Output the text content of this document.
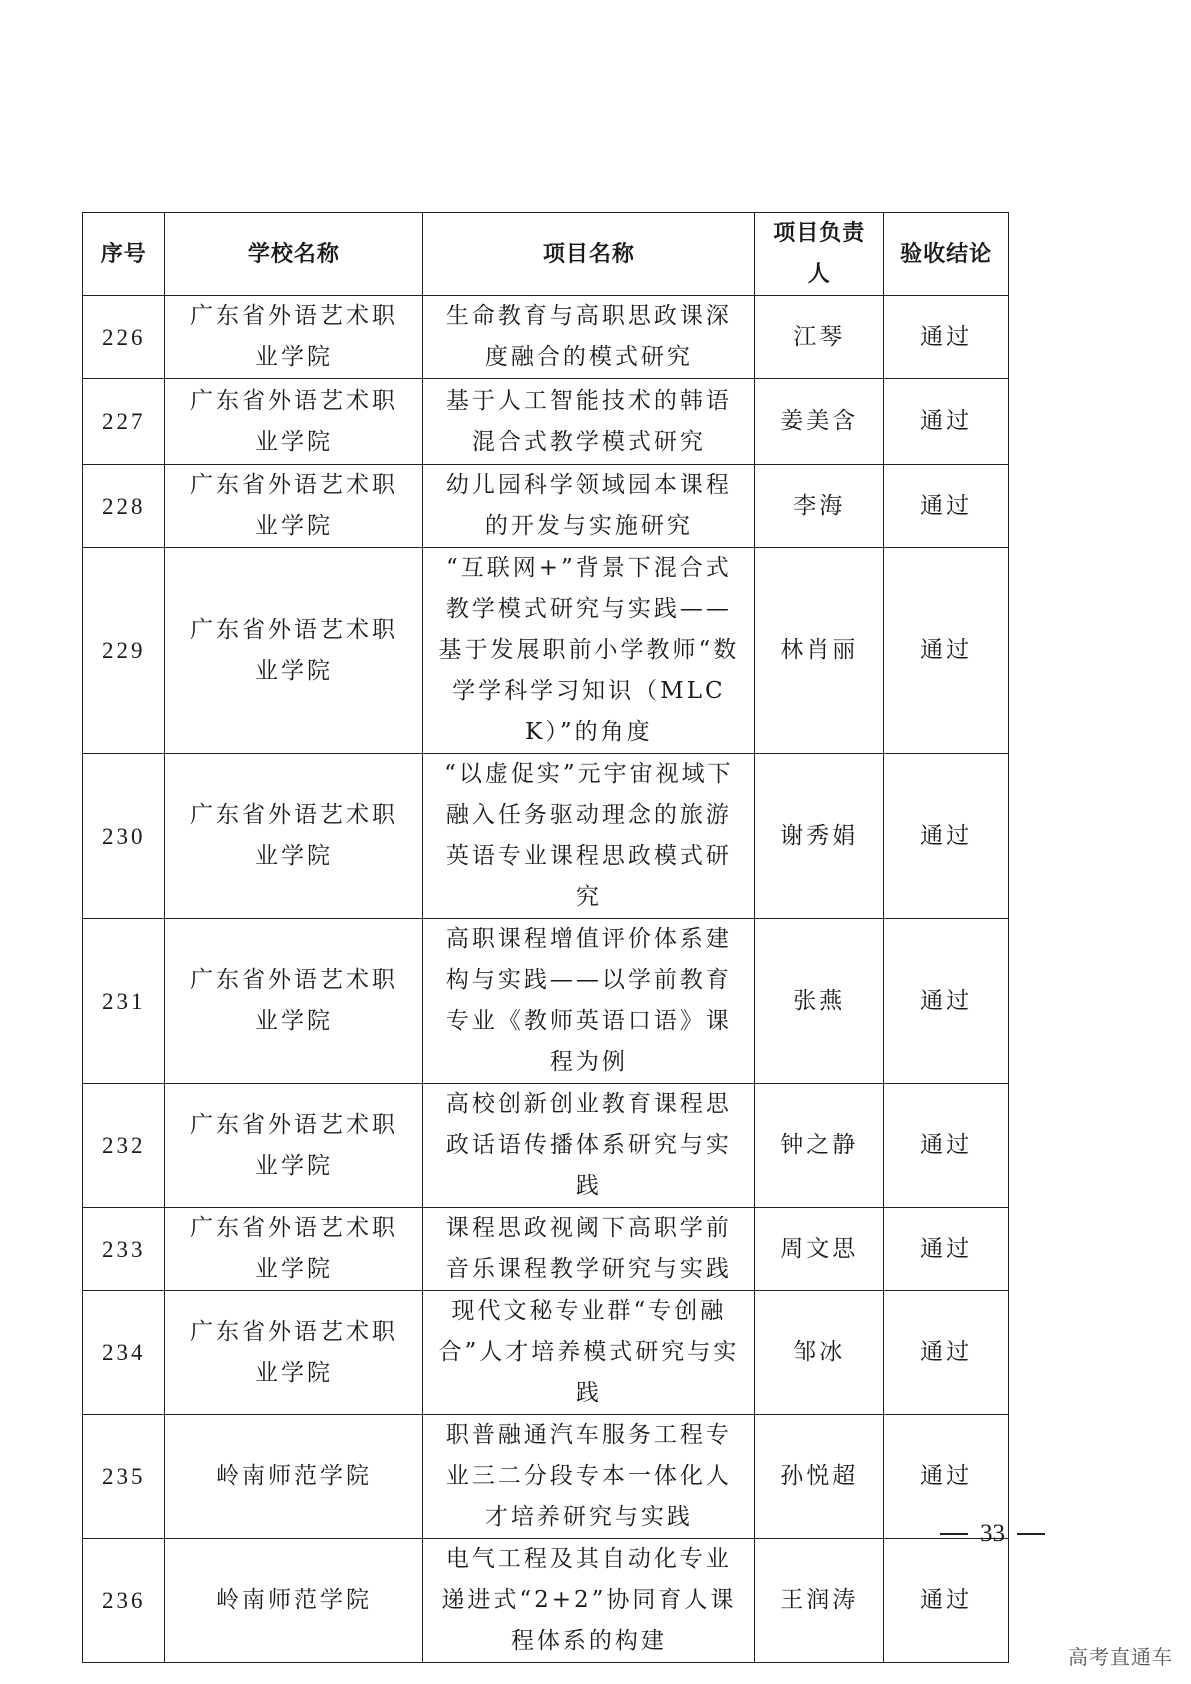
序号	学校名称	项目名称	项目负责人	验收结论
226	广东省外语艺术职业学院	生命教育与高职思政课深度融合的模式研究	江琴	通过
227	广东省外语艺术职业学院	基于人工智能技术的韩语混合式教学模式研究	姜美含	通过
228	广东省外语艺术职业学院	幼儿园科学领域园本课程的开发与实施研究	李海	通过
229	广东省外语艺术职业学院	“互联网+”背景下混合式教学模式研究与实践——基于发展职前小学教师“数学学科学习知识（MLCK）”的角度	林肖丽	通过
230	广东省外语艺术职业学院	“以虚促实”元宇宙视域下融入任务驱动理念的旅游英语专业课程思政模式研究	谢秀娟	通过
231	广东省外语艺术职业学院	高职课程增值评价体系建构与实践——以学前教育专业《教师英语口语》课程为例	张燕	通过
232	广东省外语艺术职业学院	高校创新创业教育课程思政话语传播体系研究与实践	钟之静	通过
233	广东省外语艺术职业学院	课程思政视阈下高职学前音乐课程教学研究与实践	周文思	通过
234	广东省外语艺术职业学院	现代文秘专业群“专创融合”人才培养模式研究与实践	邹冰	通过
235	岭南师范学院	职普融通汽车服务工程专业三二分段专本一体化人才培养研究与实践	孙悦超	通过
236	岭南师范学院	电气工程及其自动化专业递进式“2+2”协同育人课程体系的构建	王润涛	通过
33
高考直通车
